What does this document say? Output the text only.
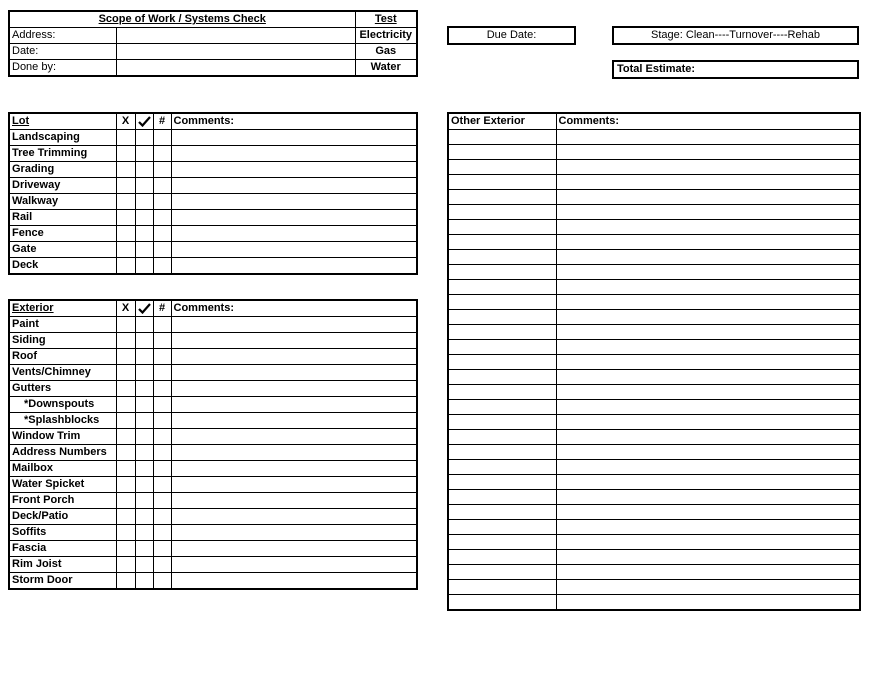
Scope of Work / Systems Check		Test
Address:		Electricity
Date:		Gas
Done by:		Water
Due Date:	Stage: Clean----Turnover----Rehab
Total Estimate:
Lot	X		#	Comments:
Landscaping				
Tree Trimming				
Grading				
Driveway				
Walkway				
Rail				
Fence				
Gate				
Deck				
Exterior	X		#	Comments:
Paint				
Siding				
Roof				
Vents/Chimney				
Gutters				
*Downspouts				
*Splashblocks				
Window Trim				
Address Numbers				
Mailbox				
Water Spicket				
Front Porch				
Deck/Patio				
Soffits				
Fascia				
Rim Joist				
Storm Door				
Other Exterior	Comments:
